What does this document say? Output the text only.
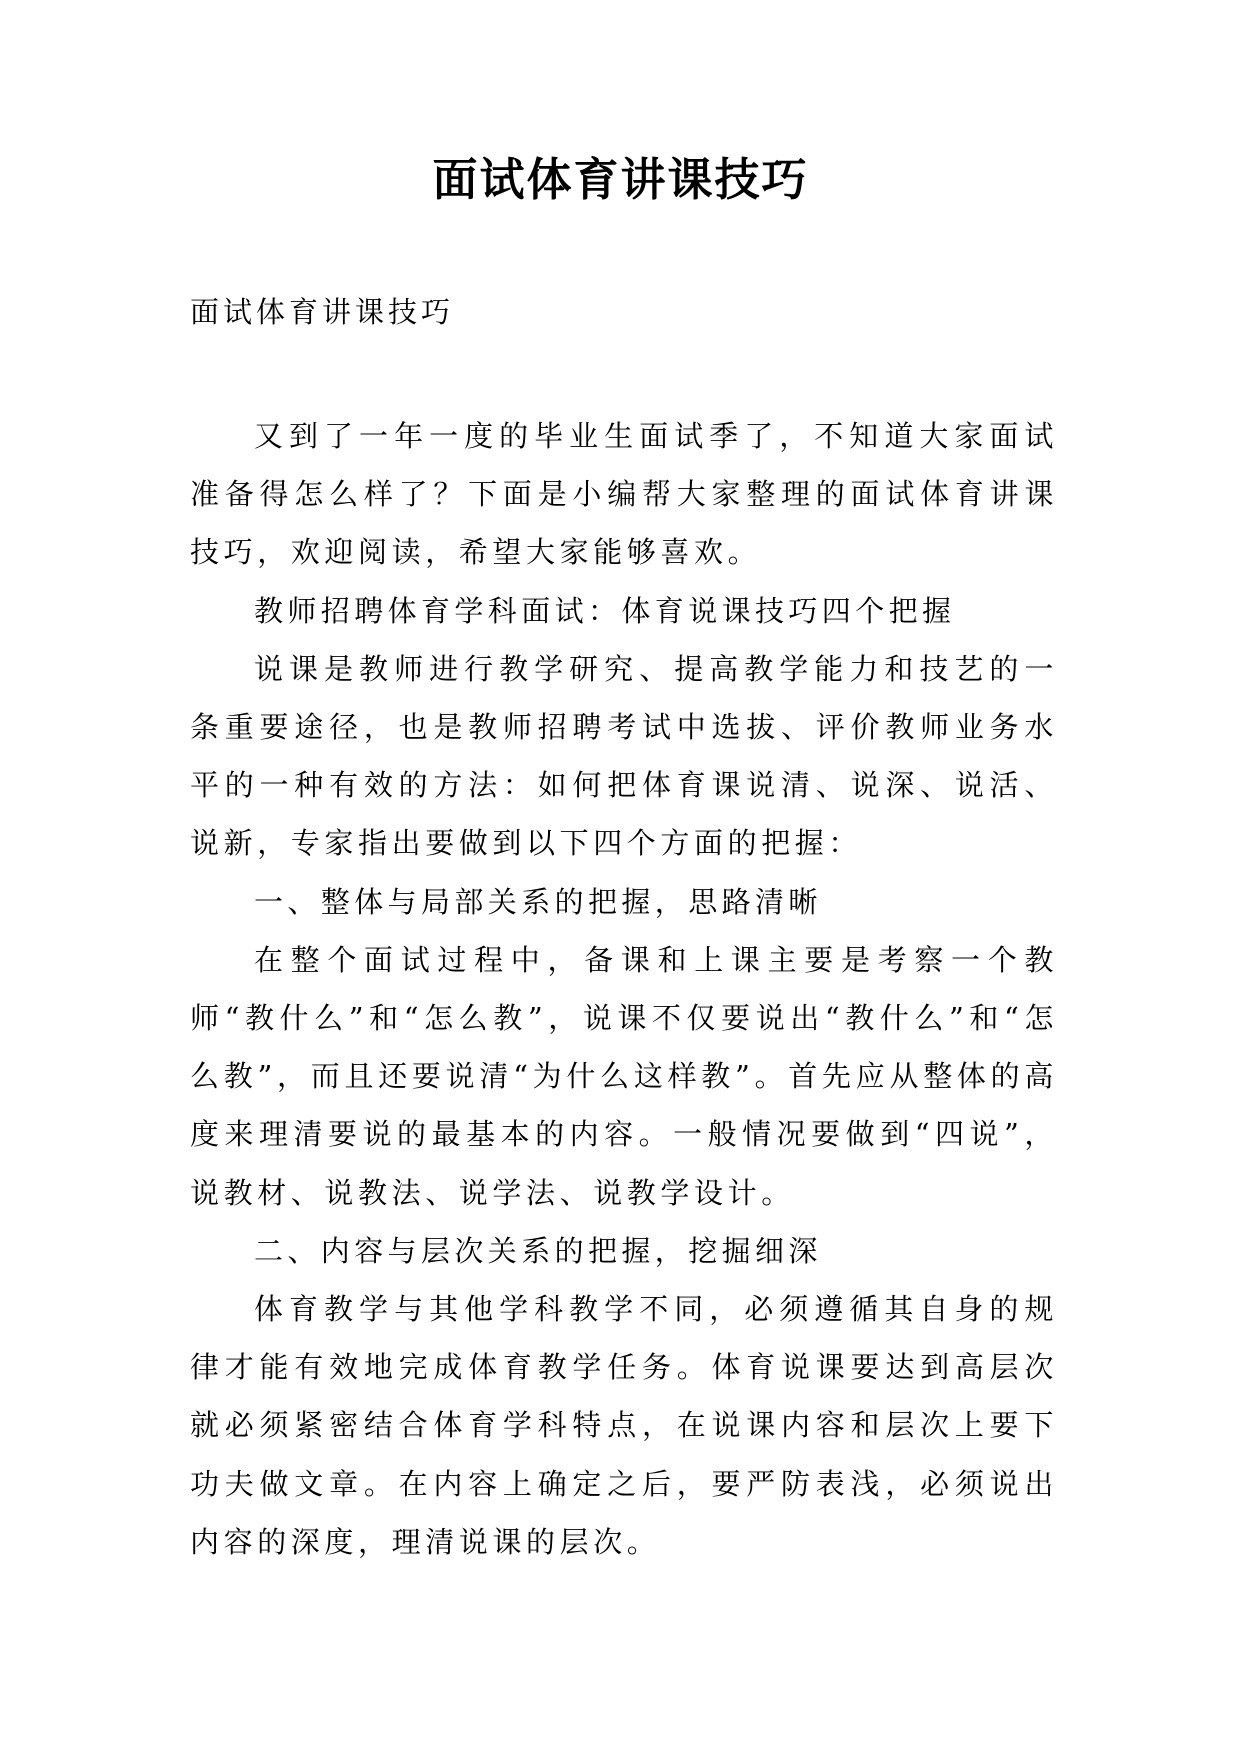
面试体育讲课技巧

面试体育讲课技巧

又到了一年一度的毕业生面试季了，不知道大家面试准备得怎么样了？下面是小编帮大家整理的面试体育讲课技巧，欢迎阅读，希望大家能够喜欢。

教师招聘体育学科面试：体育说课技巧四个把握

说课是教师进行教学研究、提高教学能力和技艺的一条重要途径，也是教师招聘考试中选拔、评价教师业务水平的一种有效的方法：如何把体育课说清、说深、说活、说新，专家指出要做到以下四个方面的把握：

一、整体与局部关系的把握，思路清晰

在整个面试过程中，备课和上课主要是考察一个教师“教什么”和“怎么教”，说课不仅要说出“教什么”和“怎么教”，而且还要说清“为什么这样教”。首先应从整体的高度来理清要说的最基本的内容。一般情况要做到“四说”，说教材、说教法、说学法、说教学设计。

二、内容与层次关系的把握，挖掘细深

体育教学与其他学科教学不同，必须遵循其自身的规律才能有效地完成体育教学任务。体育说课要达到高层次就必须紧密结合体育学科特点，在说课内容和层次上要下功夫做文章。在内容上确定之后，要严防表浅，必须说出内容的深度，理清说课的层次。
